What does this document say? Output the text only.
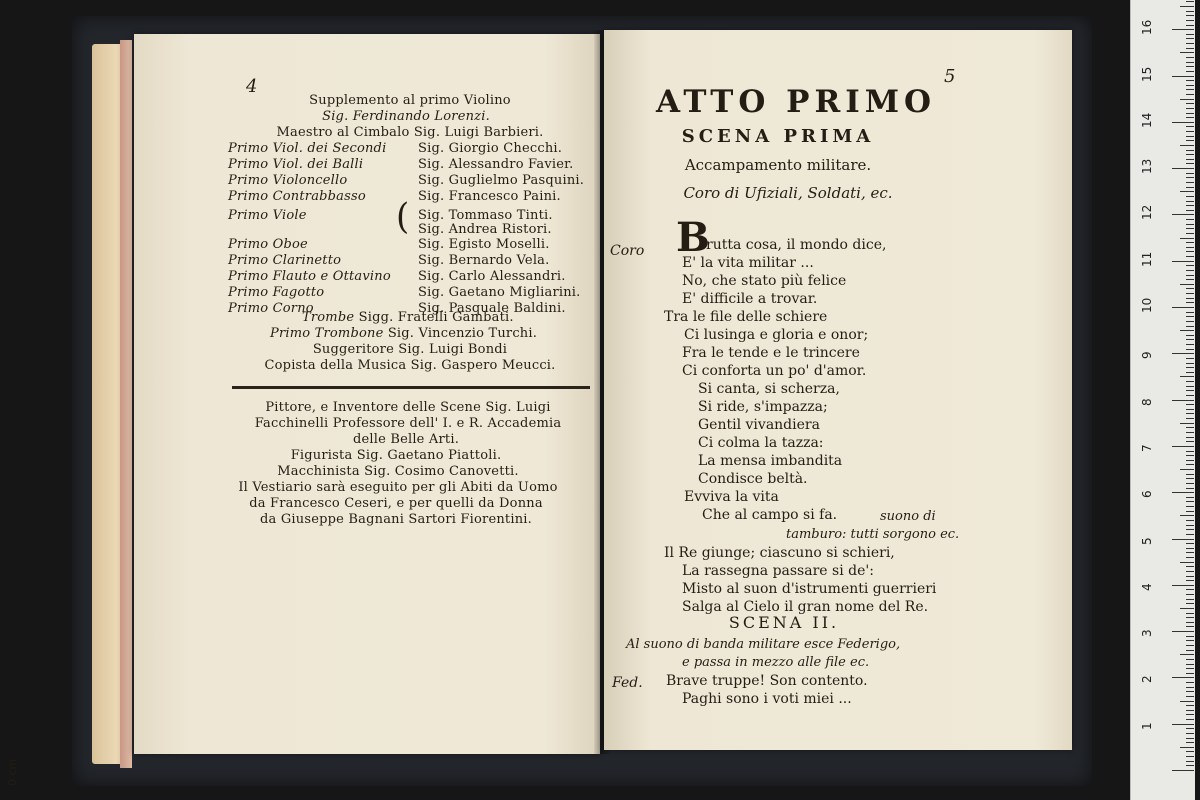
4
Supplemento al primo Violino
Sig. Ferdinando Lorenzi.
Maestro al Cimbalo Sig. Luigi Barbieri.
Primo Viol. dei Secondi Sig. Giorgio Checchi.
Primo Viol. dei Balli	Sig. Alessandro Favier.
Primo Violoncello	Sig. Guglielmo Pasquini.
Primo Contrabbasso	Sig. Francesco Paini.
Primo Viole	Sig. Tommaso Tinti.
Sig. Andrea Ristori.
Primo Oboe	Sig. Egisto Moselli.
Primo Clarinetto	Sig. Bernardo Vela.
Primo Flauto e Ottavino Sig. Carlo Alessandri.
Primo Fagotto	Sig. Gaetano Migliarini.
Primo Corno	Sig. Pasquale Baldini.
(
Trombe Sigg. Fratelli Gambati.
Primo Trombone Sig. Vincenzio Turchi.
Suggeritore Sig. Luigi Bondi
Copista della Musica Sig. Gaspero Meucci.
Pittore, e Inventore delle Scene Sig. Luigi
Facchinelli Professore dell' I. e R. Accademia
delle Belle Arti.
Figurista Sig. Gaetano Piattoli.
Macchinista Sig. Cosimo Canovetti.
Il Vestiario sarà eseguito per gli Abiti da Uomo
da Francesco Ceseri, e per quelli da Donna
da Giuseppe Bagnani Sartori Fiorentini.
5
ATTO PRIMO
SCENA PRIMA
Accampamento militare.
Coro di Ufiziali, Soldati, ec.
Coro B
rutta cosa, il mondo dice,
E' la vita militar ...
No, che stato più felice
E' difficile a trovar.
Tra le file delle schiere
Ci lusinga e gloria e onor;
Fra le tende e le trincere
Ci conforta un po' d'amor.
Si canta, si scherza,
Si ride, s'impazza;
Gentil vivandiera
Ci colma la tazza:
La mensa imbandita
Condisce beltà.
Evviva la vita
Che al campo si fa.	suono di
tamburo: tutti sorgono ec.
Il Re giunge; ciascuno si schieri,
La rassegna passare si de':
Misto al suon d'istrumenti guerrieri
Salga al Cielo il gran nome del Re.
SCENA II.
Al suono di banda militare esce Federigo,
e passa in mezzo alle file ec.
Fed. Brave truppe! Son contento.
Paghi sono i voti miei ...
1
2
3
4
5
6
7
8
9
10
11
12
13
14
15
16
0 cm
